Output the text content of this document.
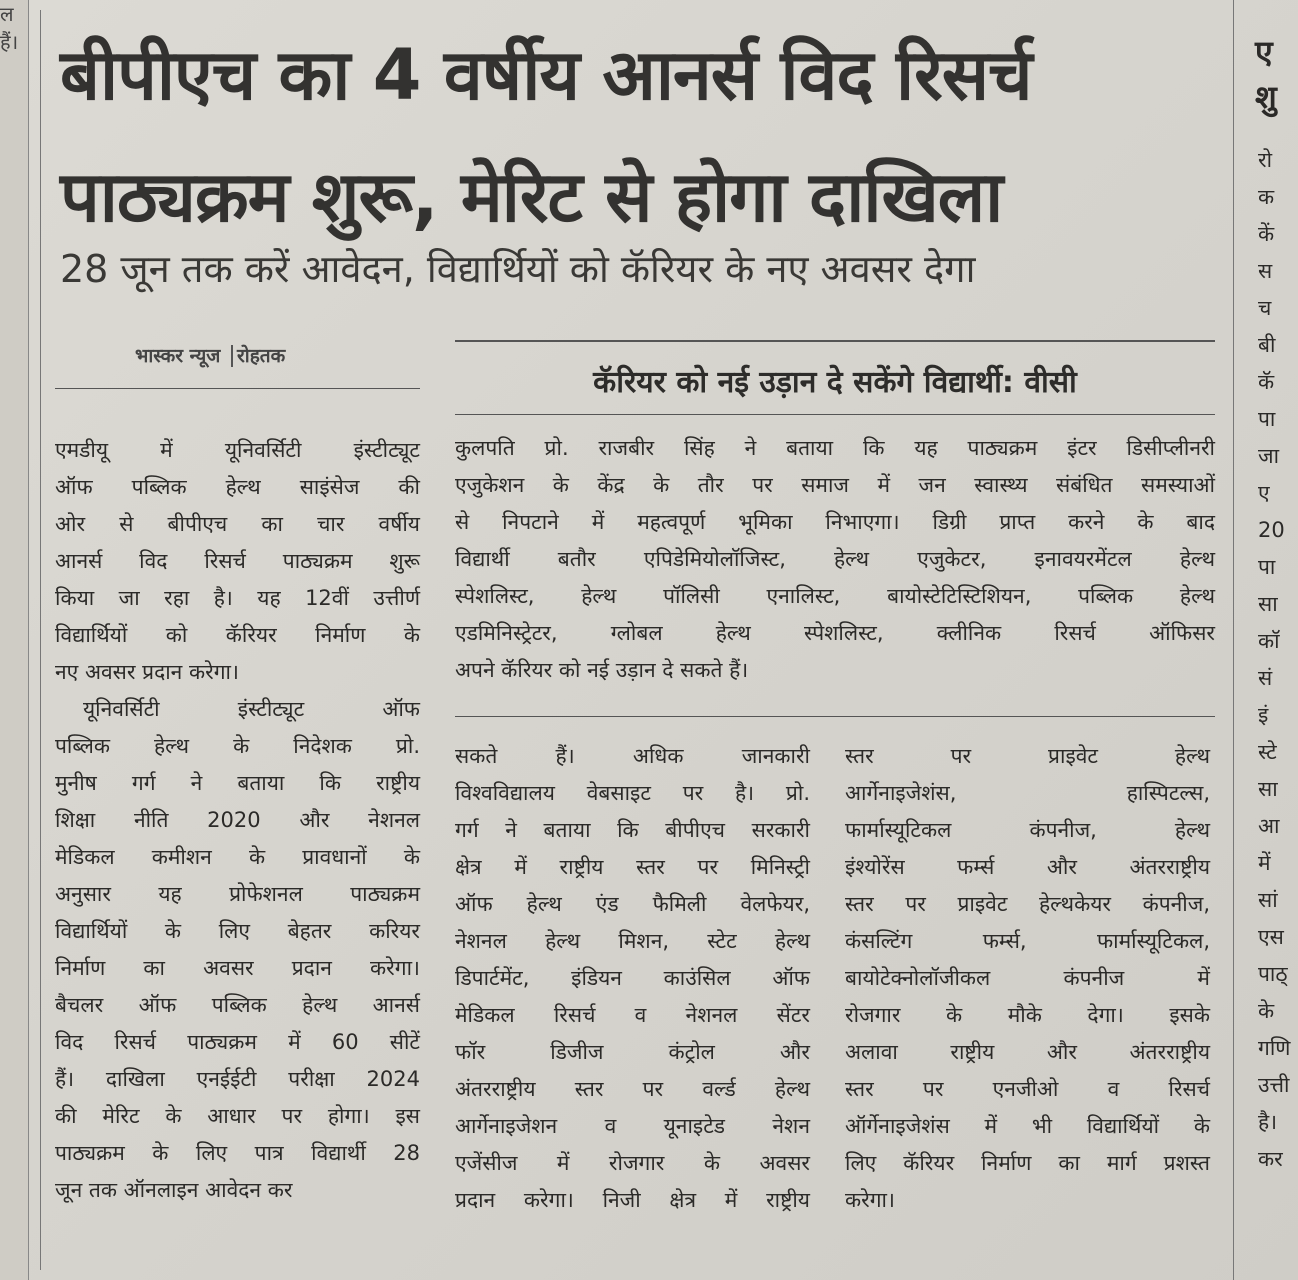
ल
हैं। बीपीएच का 4 वर्षीय आनर्स विद रिसर्च
पाठ्यक्रम शुरू, मेरिट से होगा दाखिला
28 जून तक करें आवेदन, विद्यार्थियों को कॅरियर के नए अवसर देगा
भास्कर न्यूज रोहतक
एमडीयू में यूनिवर्सिटी इंस्टीट्यूट
ऑफ पब्लिक हेल्थ साइंसेज की
ओर से बीपीएच का चार वर्षीय
आनर्स विद रिसर्च पाठ्यक्रम शुरू
किया जा रहा है। यह 12वीं उत्तीर्ण
विद्यार्थियों को कॅरियर निर्माण के
नए अवसर प्रदान करेगा।
यूनिवर्सिटी इंस्टीट्यूट ऑफ
पब्लिक हेल्थ के निदेशक प्रो.
मुनीष गर्ग ने बताया कि राष्ट्रीय
शिक्षा नीति 2020 और नेशनल
मेडिकल कमीशन के प्रावधानों के
अनुसार यह प्रोफेशनल पाठ्यक्रम
विद्यार्थियों के लिए बेहतर करियर
निर्माण का अवसर प्रदान करेगा।
बैचलर ऑफ पब्लिक हेल्थ आनर्स
विद रिसर्च पाठ्यक्रम में 60 सीटें
हैं। दाखिला एनईईटी परीक्षा 2024
की मेरिट के आधार पर होगा। इस
पाठ्यक्रम के लिए पात्र विद्यार्थी 28
जून तक ऑनलाइन आवेदन कर
कॅरियर को नई उड़ान दे सकेंगे विद्यार्थी: वीसी
कुलपति प्रो. राजबीर सिंह ने बताया कि यह पाठ्यक्रम इंटर डिसीप्लीनरी
एजुकेशन के केंद्र के तौर पर समाज में जन स्वास्थ्य संबंधित समस्याओं
से निपटाने में महत्वपूर्ण भूमिका निभाएगा। डिग्री प्राप्त करने के बाद
विद्यार्थी बतौर एपिडेमियोलॉजिस्ट, हेल्थ एजुकेटर, इनावयरमेंटल हेल्थ
स्पेशलिस्ट, हेल्थ पॉलिसी एनालिस्ट, बायोस्टेटिस्टिशियन, पब्लिक हेल्थ
एडमिनिस्ट्रेटर, ग्लोबल हेल्थ स्पेशलिस्ट, क्लीनिक रिसर्च ऑफिसर
अपने कॅरियर को नई उड़ान दे सकते हैं।
सकते हैं। अधिक जानकारी
विश्वविद्यालय वेबसाइट पर है। प्रो.
गर्ग ने बताया कि बीपीएच सरकारी
क्षेत्र में राष्ट्रीय स्तर पर मिनिस्ट्री
ऑफ हेल्थ एंड फैमिली वेलफेयर,
नेशनल हेल्थ मिशन, स्टेट हेल्थ
डिपार्टमेंट, इंडियन काउंसिल ऑफ
मेडिकल रिसर्च व नेशनल सेंटर
फॉर डिजीज कंट्रोल और
अंतरराष्ट्रीय स्तर पर वर्ल्ड हेल्थ
आर्गेनाइजेशन व यूनाइटेड नेशन
एजेंसीज में रोजगार के अवसर
प्रदान करेगा। निजी क्षेत्र में राष्ट्रीय
स्तर पर प्राइवेट हेल्थ
आर्गेनाइजेशंस, हास्पिटल्स,
फार्मास्यूटिकल कंपनीज, हेल्थ
इंश्योरेंस फर्म्स और अंतरराष्ट्रीय
स्तर पर प्राइवेट हेल्थकेयर कंपनीज,
कंसल्टिंग फर्म्स, फार्मास्यूटिकल,
बायोटेक्नोलॉजीकल कंपनीज में
रोजगार के मौके देगा। इसके
अलावा राष्ट्रीय और अंतरराष्ट्रीय
स्तर पर एनजीओ व रिसर्च
ऑर्गेनाइजेशंस में भी विद्यार्थियों के
लिए कॅरियर निर्माण का मार्ग प्रशस्त
करेगा।
ए
शु
रो
क
कें
स
च
बी
कॅ
पा
जा
ए
20
पा
सा
कॉ
सं
इं
स्टे
सा
आ
में
सां
एस
पाठ्
के
गणि
उत्ती
है।
कर
